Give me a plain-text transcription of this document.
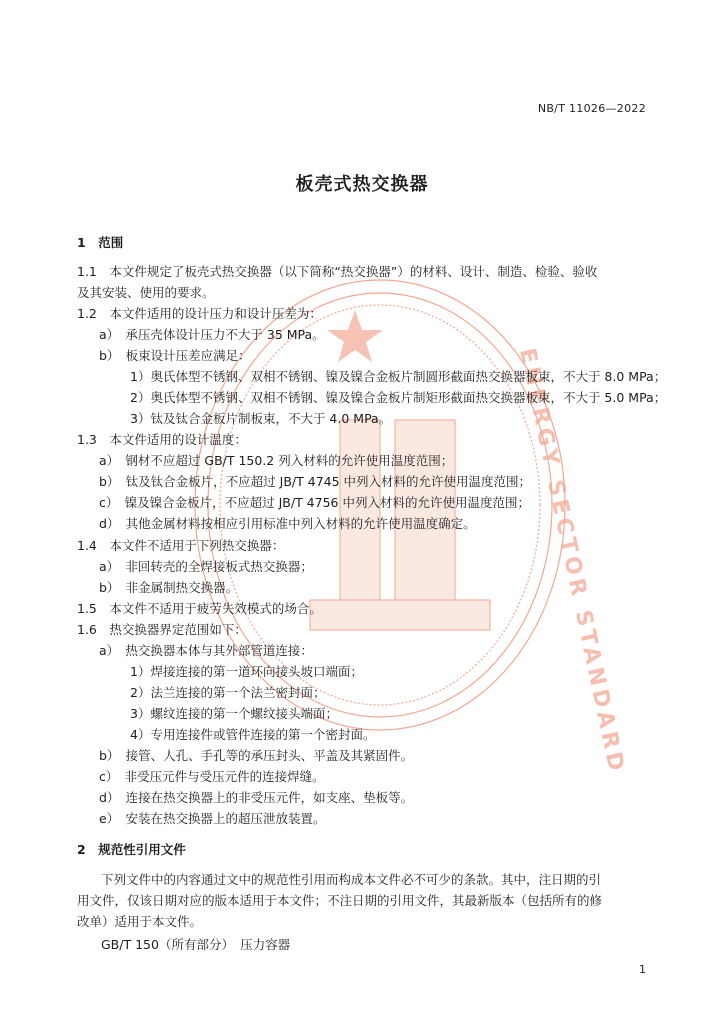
ENERGY SECTOR STANDARD
NB/T 11026—2022
板壳式热交换器
1　范围
1.1　本文件规定了板壳式热交换器（以下简称“热交换器”）的材料、设计、制造、检验、验收
及其安装、使用的要求。
1.2　本文件适用的设计压力和设计压差为：
a）　承压壳体设计压力不大于 35 MPa。
b）　板束设计压差应满足：
1）奥氏体型不锈钢、双相不锈钢、镍及镍合金板片制圆形截面热交换器板束，不大于 8.0 MPa；
2）奥氏体型不锈钢、双相不锈钢、镍及镍合金板片制矩形截面热交换器板束，不大于 5.0 MPa；
3）钛及钛合金板片制板束，不大于 4.0 MPa。
1.3　本文件适用的设计温度：
a）　钢材不应超过 GB/T 150.2 列入材料的允许使用温度范围；
b）　钛及钛合金板片，不应超过 JB/T 4745 中列入材料的允许使用温度范围；
c）　镍及镍合金板片，不应超过 JB/T 4756 中列入材料的允许使用温度范围；
d）　其他金属材料按相应引用标准中列入材料的允许使用温度确定。
1.4　本文件不适用于下列热交换器：
a）　非回转壳的全焊接板式热交换器；
b）　非金属制热交换器。
1.5　本文件不适用于疲劳失效模式的场合。
1.6　热交换器界定范围如下：
a）　热交换器本体与其外部管道连接：
1）焊接连接的第一道环向接头坡口端面；
2）法兰连接的第一个法兰密封面；
3）螺纹连接的第一个螺纹接头端面；
4）专用连接件或管件连接的第一个密封面。
b）　接管、人孔、手孔等的承压封头、平盖及其紧固件。
c）　非受压元件与受压元件的连接焊缝。
d）　连接在热交换器上的非受压元件，如支座、垫板等。
e）　安装在热交换器上的超压泄放装置。
2　规范性引用文件
下列文件中的内容通过文中的规范性引用而构成本文件必不可少的条款。其中，注日期的引
用文件，仅该日期对应的版本适用于本文件；不注日期的引用文件，其最新版本（包括所有的修
改单）适用于本文件。
GB/T 150（所有部分）　压力容器
1
